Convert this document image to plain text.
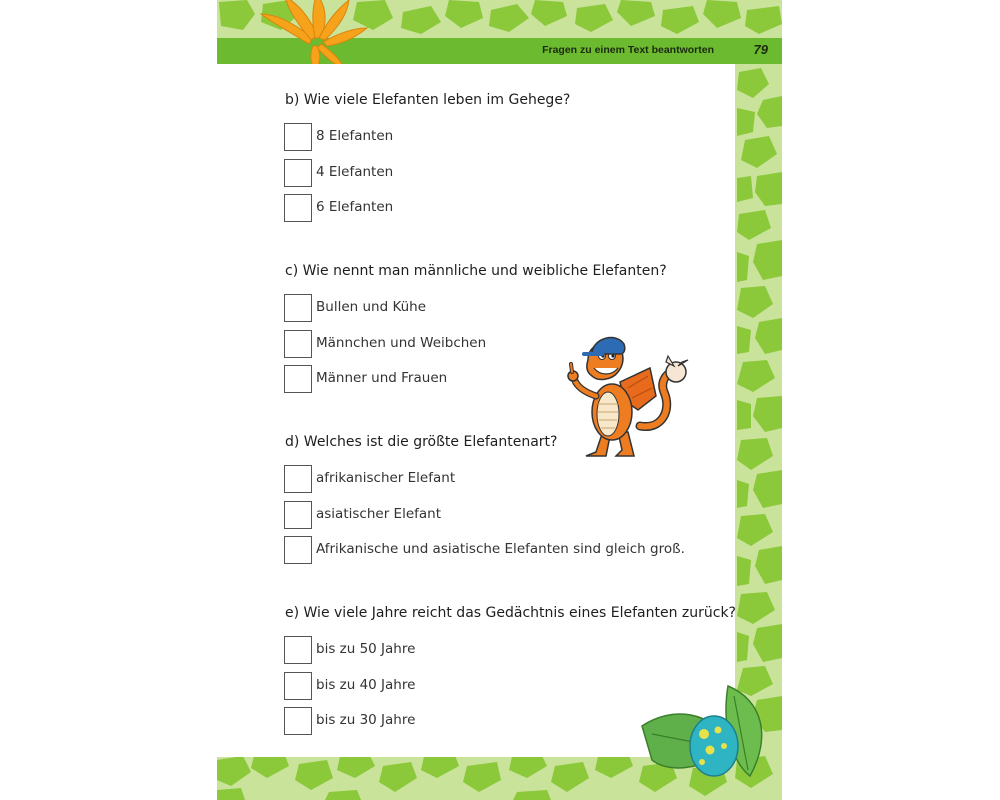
Fragen zu einem Text beantworten	79
b) Wie viele Elefanten leben im Gehege?
8 Elefanten
4 Elefanten
6 Elefanten
c) Wie nennt man männliche und weibliche Elefanten?
Bullen und Kühe
Männchen und Weibchen
Männer und Frauen
d) Welches ist die größte Elefantenart?
afrikanischer Elefant
asiatischer Elefant
Afrikanische und asiatische Elefanten sind gleich groß.
e) Wie viele Jahre reicht das Gedächtnis eines Elefanten zurück?
bis zu 50 Jahre
bis zu 40 Jahre
bis zu 30 Jahre
